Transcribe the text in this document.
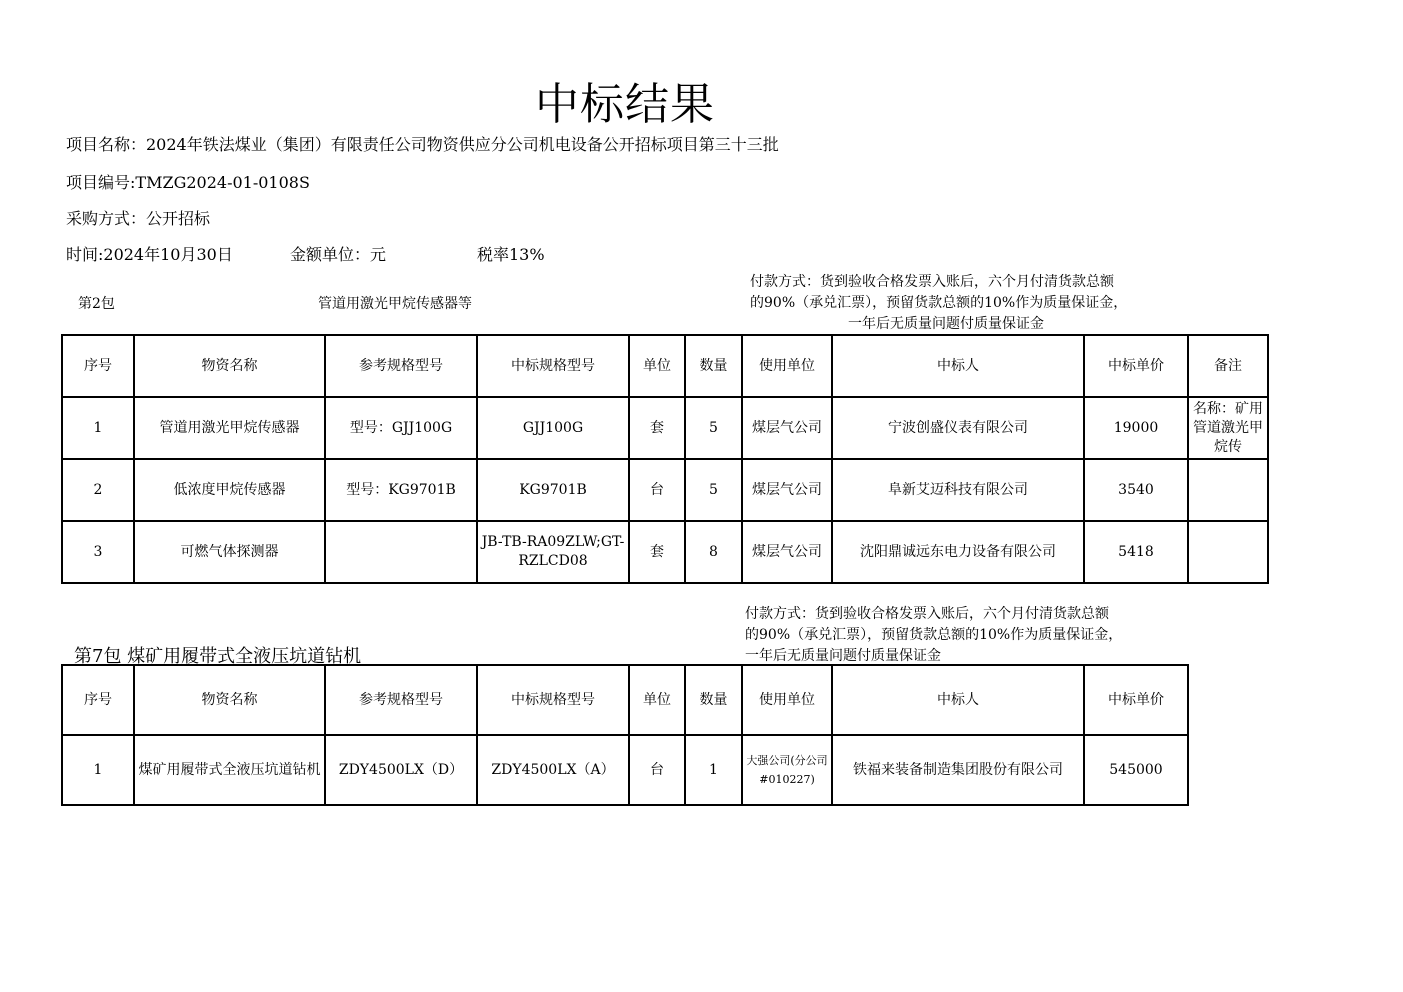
中标结果
项目名称：2024年铁法煤业（集团）有限责任公司物资供应分公司机电设备公开招标项目第三十三批
项目编号:TMZG2024-01-0108S
采购方式：公开招标
时间:2024年10月30日	金额单位：元	税率13%
第2包	管道用激光甲烷传感器等
付款方式：货到验收合格发票入账后，六个月付清货款总额
的90%（承兑汇票），预留货款总额的10%作为质量保证金，
一年后无质量问题付质量保证金
序号	物资名称	参考规格型号	中标规格型号	单位	数量	使用单位	中标人	中标单价	备注
1	管道用激光甲烷传感器	型号：GJJ100G	GJJ100G	套	5	煤层气公司	宁波创盛仪表有限公司	19000	名称：矿用管道激光甲烷传
2	低浓度甲烷传感器	型号：KG9701B	KG9701B	台	5	煤层气公司	阜新艾迈科技有限公司	3540	
3	可燃气体探测器		JB-TB-RA09ZLW;GT-RZLCD08	套	8	煤层气公司	沈阳鼎诚远东电力设备有限公司	5418	
第7包 煤矿用履带式全液压坑道钻机
付款方式：货到验收合格发票入账后，六个月付清货款总额
的90%（承兑汇票），预留货款总额的10%作为质量保证金，
一年后无质量问题付质量保证金
序号	物资名称	参考规格型号	中标规格型号	单位	数量	使用单位	中标人	中标单价
1	煤矿用履带式全液压坑道钻机	ZDY4500LX（D）	ZDY4500LX（A）	台	1	大强公司(分公司#010227)	铁福来装备制造集团股份有限公司	545000
